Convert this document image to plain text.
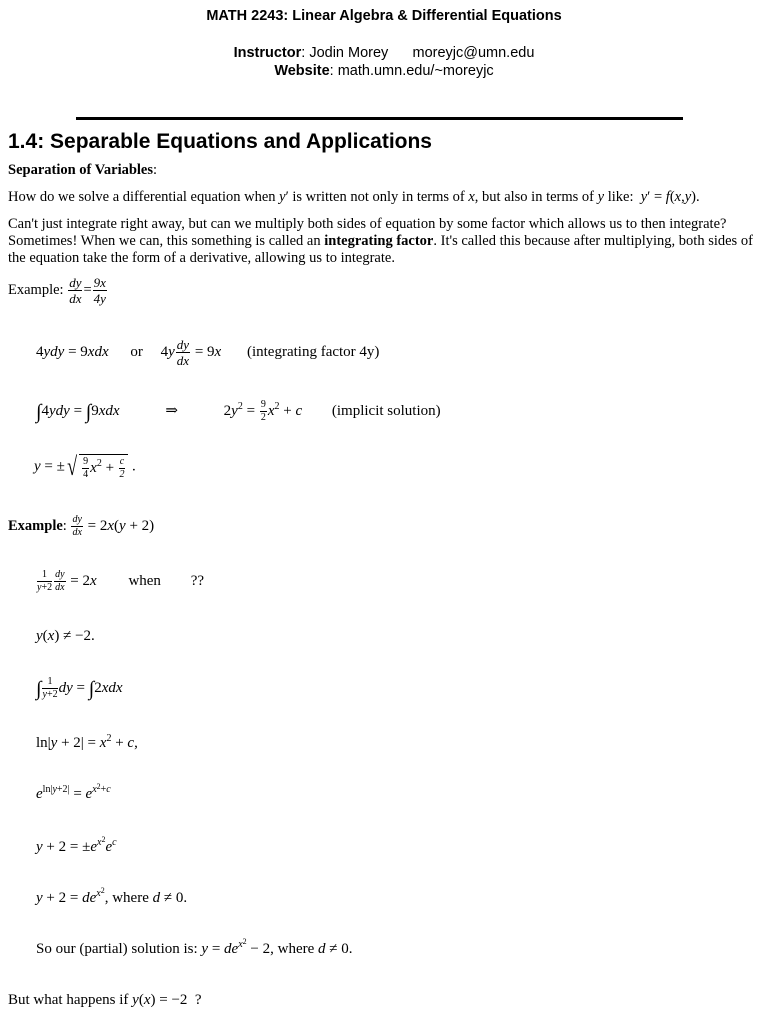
MATH 2243: Linear Algebra & Differential Equations
Instructor: Jodin Morey moreyjc@umn.edu
Website: math.umn.edu/~moreyjc
1.4: Separable Equations and Applications
Separation of Variables:
How do we solve a differential equation when y′ is written not only in terms of x, but also in terms of y like: y′ = f(x,y).
Can't just integrate right away, but can we multiply both sides of equation by some factor which allows us to then integrate? Sometimes! When we can, this something is called an integrating factor. It's called this because after multiplying, both sides of the equation take the form of a derivative, allowing us to integrate.
Example: $\frac{dy}{dx} = \frac{9x}{4y}$
4ydy = 9xdx or $4y \frac{dy}{dx} = 9x$ (integrating factor 4y)
∫4ydy = ∫9xdx	⇒	$2y^2 = \frac{9}{2} x^2 + c$ (implicit solution)
y = ±√ $\frac{9}{4} x^2 + \frac{c}{2}$ .
Example: $\frac{dy}{dx} = 2x(y + 2)$
$\frac{1}{y+2} \frac{dy}{dx} = 2x$ when ??
y(x) ≠ −2.
∫ $\frac{1}{y+2}$ dy = ∫2xdx
$\ln|y + 2| = x^2 + c$,
$e^{ln|y+2|} = e^{x^2+c}$
$y + 2 = \pm e^{x^2}e^c$
$y + 2 = de^{x^2}$, where d ≠ 0.
So our (partial) solution is: $y = de^{x^2} - 2$, where d ≠ 0.
But what happens if y(x) = −2  ?
